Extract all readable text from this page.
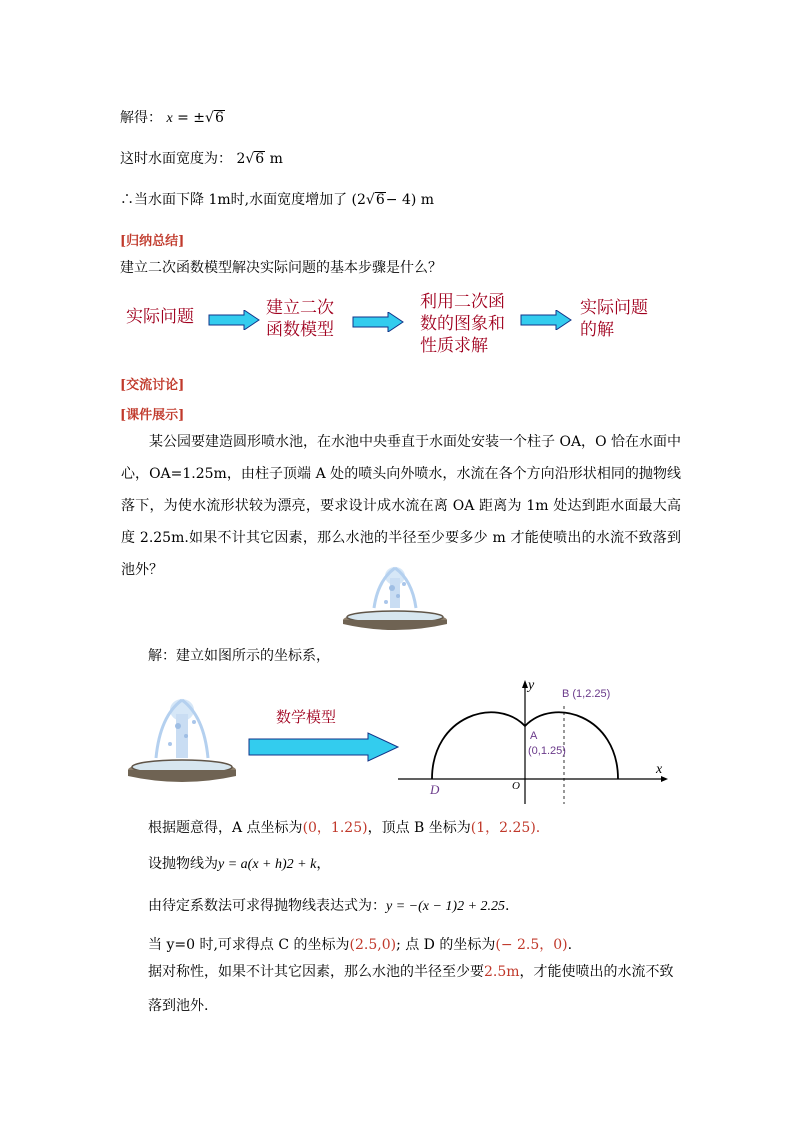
解得： x = ±√6
这时水面宽度为： 2√6 m
∴当水面下降 1m时,水面宽度增加了 (2√6− 4) m
[归纳总结]
建立二次函数模型解决实际问题的基本步骤是什么？
实际问题	建立二次
函数模型
利用二次函
数的图象和
性质求解
实际问题
的解
[交流讨论]
[课件展示]
某公园要建造圆形喷水池，在水池中央垂直于水面处安装一个柱子 OA，O 恰在水面中心，OA=1.25m，由柱子顶端 A 处的喷头向外喷水，水流在各个方向沿形状相同的抛物线落下，为使水流形状较为漂亮，要求设计成水流在离 OA 距离为 1m 处达到距水面最大高度 2.25m.如果不计其它因素，那么水池的半径至少要多少 m 才能使喷出的水流不致落到池外？
解：建立如图所示的坐标系，
数学模型
y
x
B (1,2.25)
A
(0,1.25)
O
D
根据题意得，A 点坐标为(0，1.25)，顶点 B 坐标为(1，2.25).
设抛物线为y = a(x + h)2 + k，
由待定系数法可求得抛物线表达式为：y = −(x − 1)2 + 2.25.
当 y=0 时,可求得点 C 的坐标为(2.5,0); 点 D 的坐标为(− 2.5，0).
据对称性，如果不计其它因素，那么水池的半径至少要2.5m，才能使喷出的水流不致
落到池外.
